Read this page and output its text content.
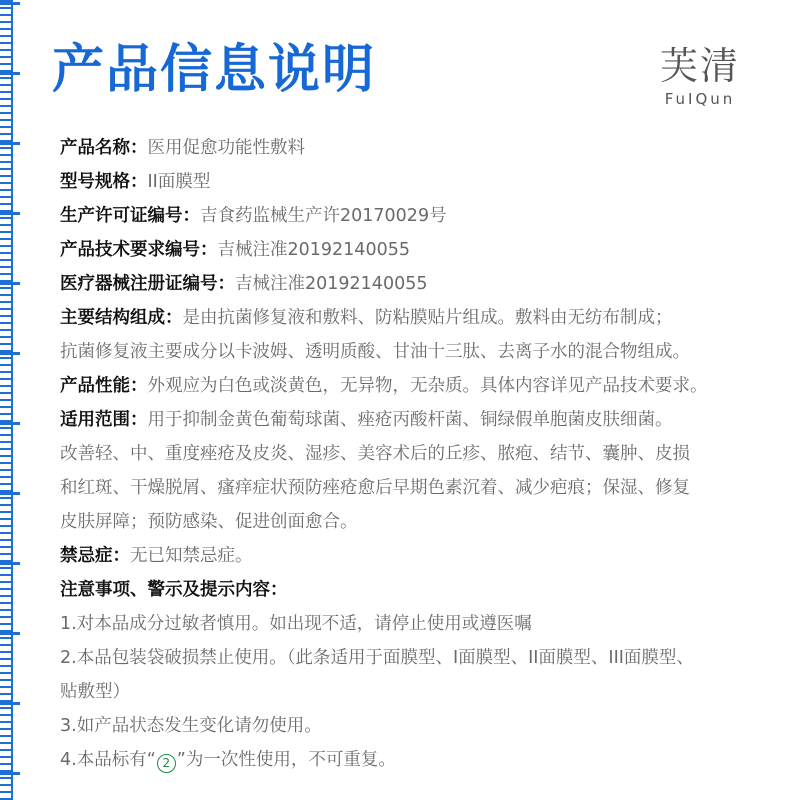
产品信息说明	芙清
FuIQun
产品名称：医用促愈功能性敷料
型号规格：II面膜型
生产许可证编号：吉食药监械生产许20170029号
产品技术要求编号：吉械注准20192140055
医疗器械注册证编号：吉械注准20192140055
主要结构组成：是由抗菌修复液和敷料、防粘膜贴片组成。敷料由无纺布制成；
抗菌修复液主要成分以卡波姆、透明质酸、甘油十三肽、去离子水的混合物组成。
产品性能：外观应为白色或淡黄色，无异物，无杂质。具体内容详见产品技术要求。
适用范围：用于抑制金黄色葡萄球菌、痤疮丙酸杆菌、铜绿假单胞菌皮肤细菌。
改善轻、中、重度痤疮及皮炎、湿疹、美容术后的丘疹、脓疱、结节、囊肿、皮损
和红斑、干燥脱屑、瘙痒症状预防痤疮愈后早期色素沉着、减少疤痕；保湿、修复
皮肤屏障；预防感染、促进创面愈合。
禁忌症：无已知禁忌症。
注意事项、警示及提示内容：
1.对本品成分过敏者慎用。如出现不适，请停止使用或遵医嘱
2.本品包装袋破损禁止使用。（此条适用于面膜型、I面膜型、II面膜型、III面膜型、
贴敷型）
3.如产品状态发生变化请勿使用。
4.本品标有“ 2 ”为一次性使用，不可重复。
